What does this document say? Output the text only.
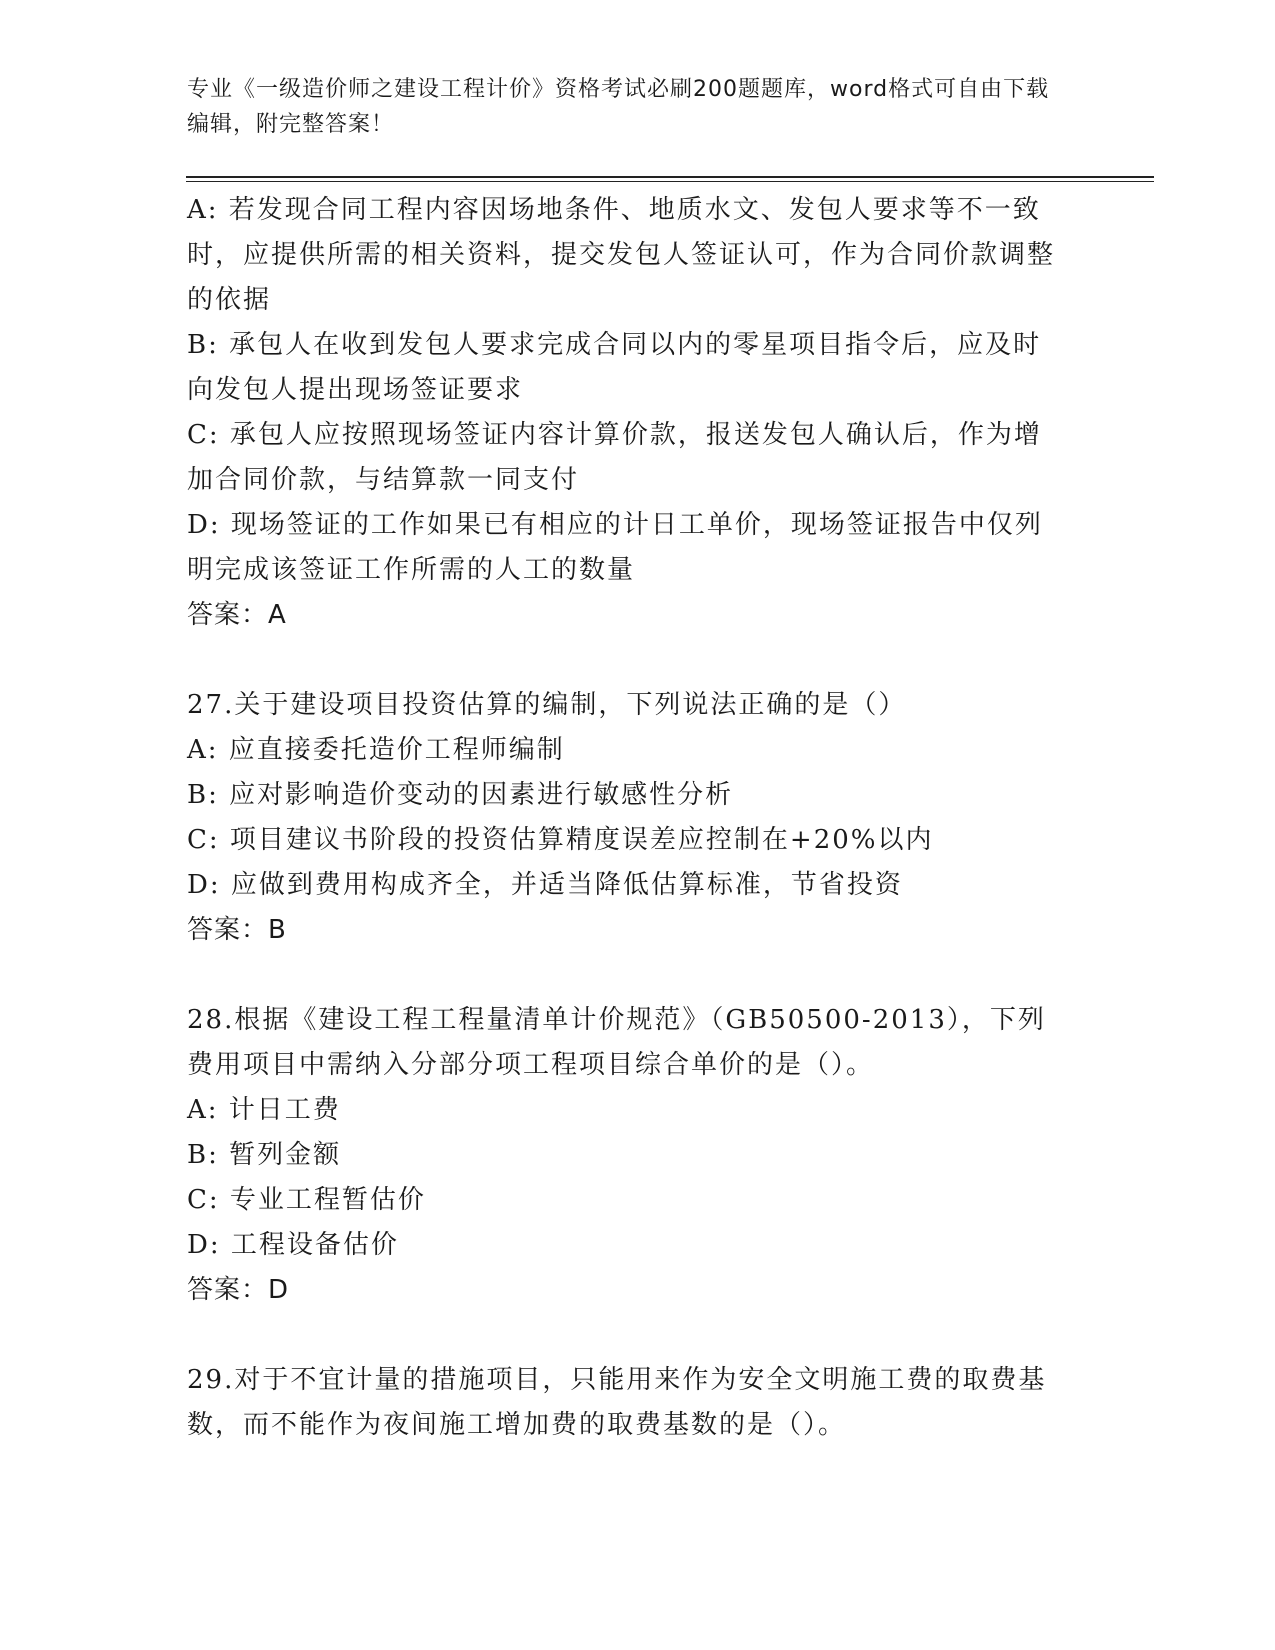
专业《一级造价师之建设工程计价》资格考试必刷200题题库，word格式可自由下载编辑，附完整答案！

A: 若发现合同工程内容因场地条件、地质水文、发包人要求等不一致时，应提供所需的相关资料，提交发包人签证认可，作为合同价款调整的依据

B: 承包人在收到发包人要求完成合同以内的零星项目指令后，应及时向发包人提出现场签证要求

C: 承包人应按照现场签证内容计算价款，报送发包人确认后，作为增加合同价款，与结算款一同支付

D: 现场签证的工作如果已有相应的计日工单价，现场签证报告中仅列明完成该签证工作所需的人工的数量

答案：A

27.关于建设项目投资估算的编制，下列说法正确的是（）

A: 应直接委托造价工程师编制

B: 应对影响造价变动的因素进行敏感性分析

C: 项目建议书阶段的投资估算精度误差应控制在+20%以内

D: 应做到费用构成齐全，并适当降低估算标准，节省投资

答案：B

28.根据《建设工程工程量清单计价规范》（GB50500-2013），下列费用项目中需纳入分部分项工程项目综合单价的是（）。

A: 计日工费

B: 暂列金额

C: 专业工程暂估价

D: 工程设备估价

答案：D

29.对于不宜计量的措施项目，只能用来作为安全文明施工费的取费基数，而不能作为夜间施工增加费的取费基数的是（）。
